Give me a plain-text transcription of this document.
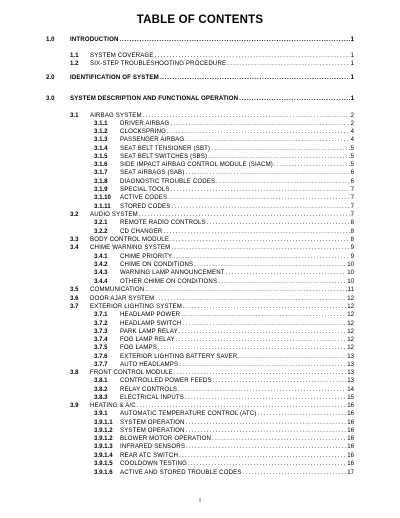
TABLE OF CONTENTS
1.0	INTRODUCTION .....	1
1.1	SYSTEM COVERAGE .....	1
1.2	SIX-STEP TROUBLESHOOTING PROCEDURE .....	1
2.0	IDENTIFICATION OF SYSTEM .....	1
3.0	SYSTEM DESCRIPTION AND FUNCTIONAL OPERATION .....	1
3.1	AIRBAG SYSTEM .....	2
3.1.1	DRIVER AIRBAG .....	2
3.1.2	CLOCKSPRING .....	4
3.1.3	PASSENGER AIRBAG .....	4
3.1.4	SEAT BELT TENSIONER (SBT) .....	5
3.1.5	SEAT BELT SWITCHES (SBS) .....	5
3.1.6	SIDE IMPACT AIRBAG CONTROL MODULE (SIACM) .....	5
3.1.7	SEAT AIRBAGS (SAB) .....	6
3.1.8	DIAGNOSTIC TROUBLE CODES .....	6
3.1.9	SPECIAL TOOLS .....	7
3.1.10	ACTIVE CODES .....	7
3.1.11	STORED CODES .....	7
3.2	AUDIO SYSTEM .....	7
3.2.1	REMOTE RADIO CONTROLS .....	8
3.2.2	CD CHANGER .....	8
3.3	BODY CONTROL MODULE .....	8
3.4	CHIME WARNING SYSTEM .....	9
3.4.1	CHIME PRIORITY .....	9
3.4.2	CHIME ON CONDITIONS .....	10
3.4.3	WARNING LAMP ANNOUNCEMENT .....	10
3.4.4	OTHER CHIME ON CONDITIONS .....	10
3.5	COMMUNICATION .....	11
3.6	DOOR AJAR SYSTEM .....	12
3.7	EXTERIOR LIGHTING SYSTEM .....	12
3.7.1	HEADLAMP POWER .....	12
3.7.2	HEADLAMP SWITCH .....	12
3.7.3	PARK LAMP RELAY .....	12
3.7.4	FOG LAMP RELAY .....	12
3.7.5	FOG LAMPS .....	12
3.7.6	EXTERIOR LIGHTING BATTERY SAVER .....	13
3.7.7	AUTO HEADLAMPS .....	13
3.8	FRONT CONTROL MODULE .....	13
3.8.1	CONTROLLED POWER FEEDS .....	13
3.8.2	RELAY CONTROLS .....	14
3.8.3	ELECTRICAL INPUTS .....	15
3.9	HEATING & A/C .....	16
3.9.1	AUTOMATIC TEMPERATURE CONTROL (ATC) .....	16
3.9.1.1	SYSTEM OPERATION .....	16
3.9.1.2	SYSTEM OPERATION .....	16
3.9.1.2	BLOWER MOTOR OPERATION .....	16
3.9.1.3	INFRARED SENSORS .....	16
3.9.1.4	REAR ATC SWITCH .....	16
3.9.1.5	COOLDOWN TESTING .....	16
3.9.1.6	ACTIVE AND STORED TROUBLE CODES .....	17
i
